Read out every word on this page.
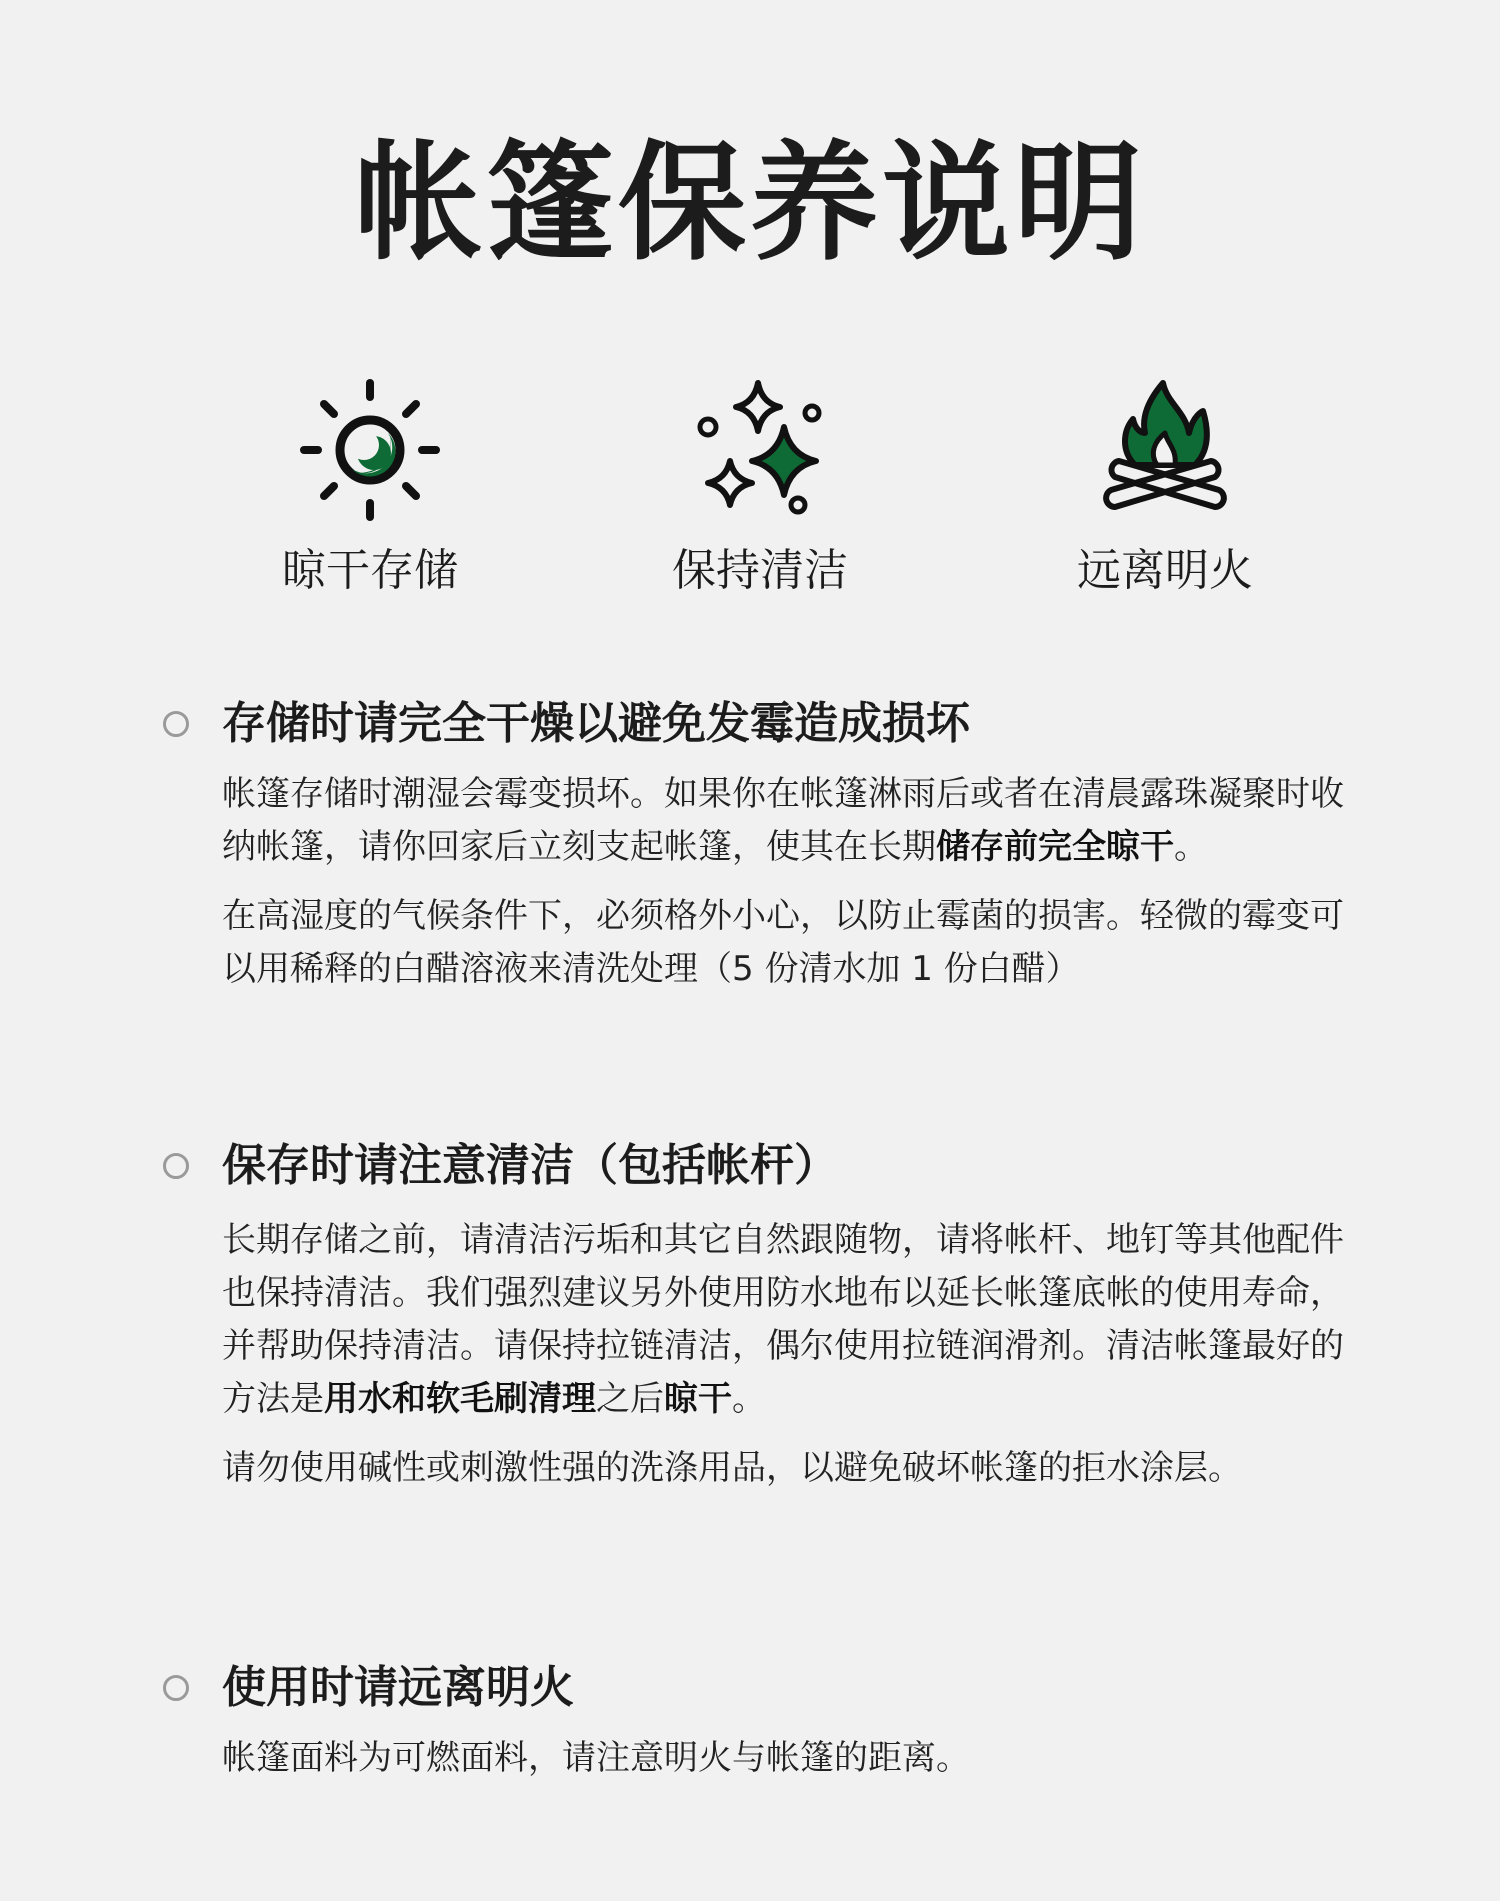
帐篷保养说明
晾干存储	保持清洁	远离明火
存储时请完全干燥以避免发霉造成损坏

帐篷存储时潮湿会霉变损坏。如果你在帐篷淋雨后或者在清晨露珠凝聚时收纳帐篷，请你回家后立刻支起帐篷，使其在长期储存前完全晾干。

在高湿度的气候条件下，必须格外小心，以防止霉菌的损害。轻微的霉变可以用稀释的白醋溶液来清洗处理（5 份清水加 1 份白醋）

保存时请注意清洁（包括帐杆）

长期存储之前，请清洁污垢和其它自然跟随物，请将帐杆、地钉等其他配件也保持清洁。我们强烈建议另外使用防水地布以延长帐篷底帐的使用寿命，并帮助保持清洁。请保持拉链清洁，偶尔使用拉链润滑剂。清洁帐篷最好的方法是用水和软毛刷清理之后晾干。

请勿使用碱性或刺激性强的洗涤用品，以避免破坏帐篷的拒水涂层。

使用时请远离明火

帐篷面料为可燃面料，请注意明火与帐篷的距离。
